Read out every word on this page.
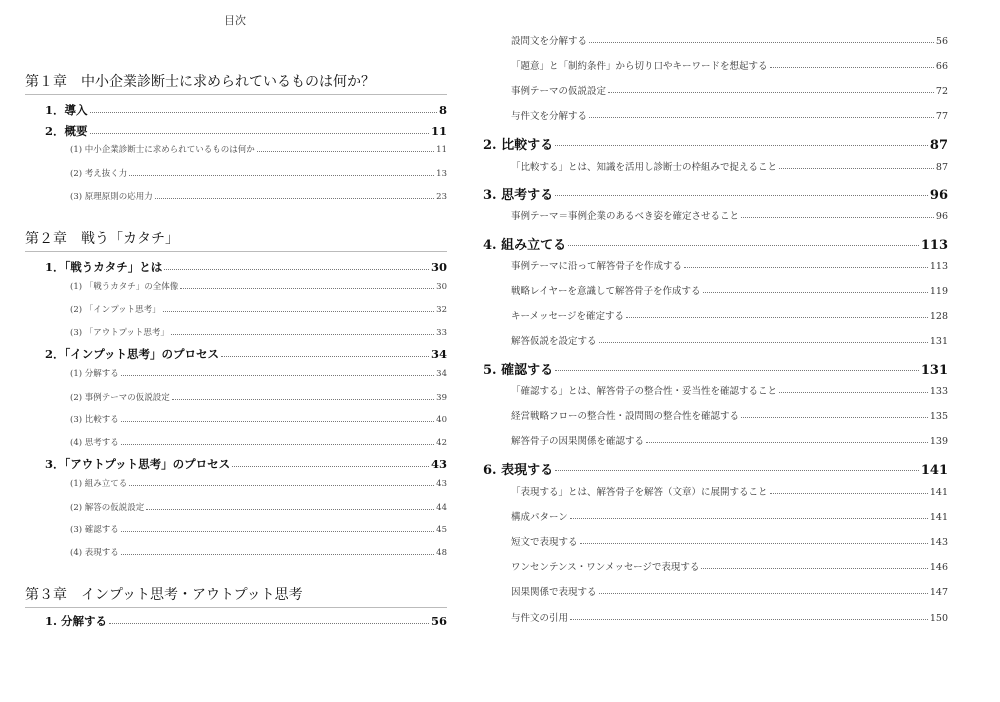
目次
第１章　中小企業診断士に求められているものは何か？
1．導入	8
2．概要	11
(1) 中小企業診断士に求められているものは何か	11
(2) 考え抜く力	13
(3) 原理原則の応用力	23
第２章　戦う「カタチ」
1．「戦うカタチ」とは	30
(1) 「戦うカタチ」の全体像	30
(2) 「インプット思考」	32
(3) 「アウトプット思考」	33
2．「インプット思考」のプロセス	34
(1) 分解する	34
(2) 事例テーマの仮説設定	39
(3) 比較する	40
(4) 思考する	42
3．「アウトプット思考」のプロセス	43
(1) 組み立てる	43
(2) 解答の仮説設定	44
(3) 確認する	45
(4) 表現する	48
第３章　インプット思考・アウトプット思考
1. 分解する	56
設問文を分解する	56
「題意」と「制約条件」から切り口やキーワードを想起する	66
事例テーマの仮説設定	72
与件文を分解する	77
2. 比較する	87
「比較する」とは、知識を活用し診断士の枠組みで捉えること	87
3. 思考する	96
事例テーマ＝事例企業のあるべき姿を確定させること	96
4. 組み立てる	113
事例テーマに沿って解答骨子を作成する	113
戦略レイヤーを意識して解答骨子を作成する	119
キーメッセージを確定する	128
解答仮説を設定する	131
5. 確認する	131
「確認する」とは、解答骨子の整合性・妥当性を確認すること	133
経営戦略フローの整合性・設問間の整合性を確認する	135
解答骨子の因果関係を確認する	139
6. 表現する	141
「表現する」とは、解答骨子を解答（文章）に展開すること	141
構成パターン	141
短文で表現する	143
ワンセンテンス・ワンメッセージで表現する	146
因果関係で表現する	147
与件文の引用	150
